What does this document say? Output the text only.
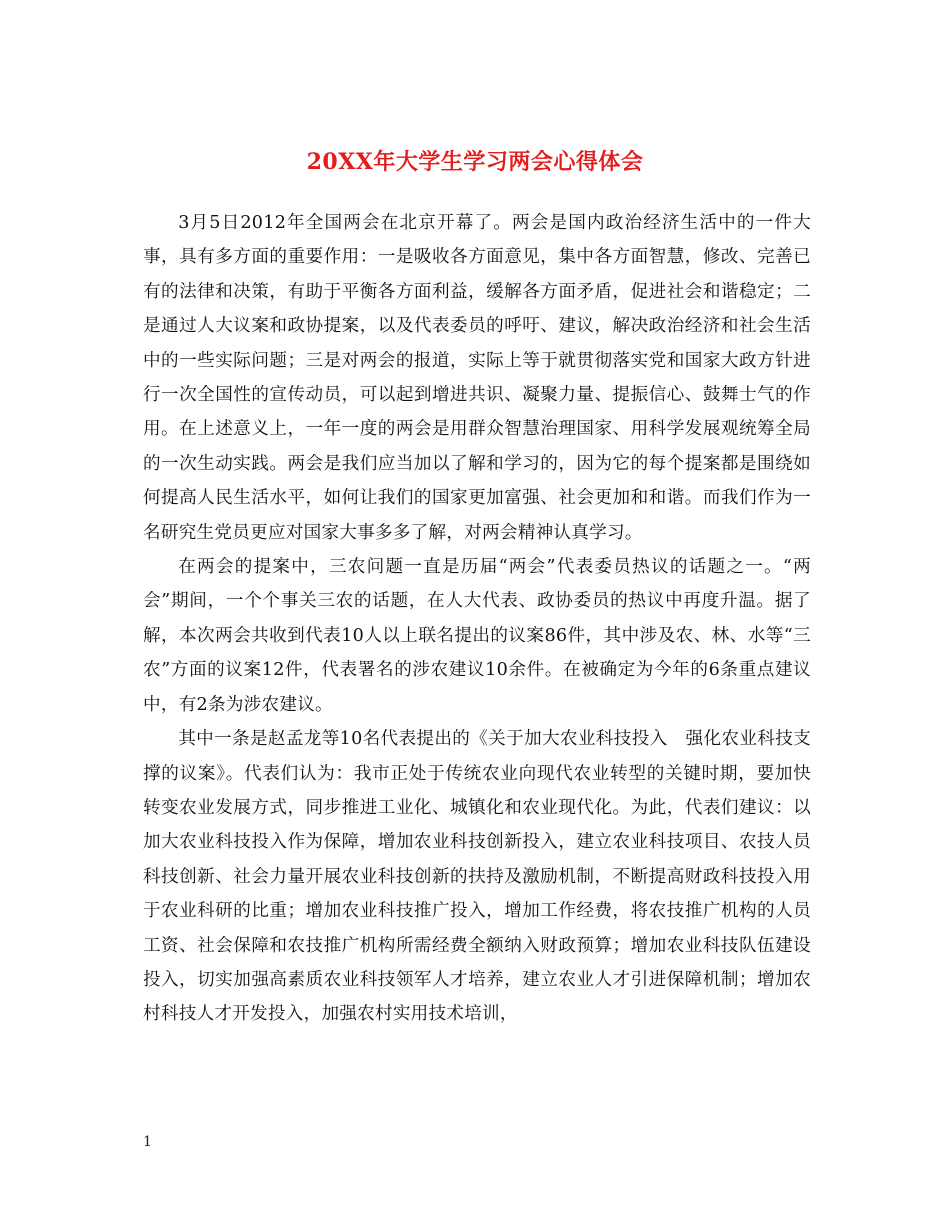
20XX年大学生学习两会心得体会

3月5日2012年全国两会在北京开幕了。两会是国内政治经济生活中的一件大事，具有多方面的重要作用：一是吸收各方面意见，集中各方面智慧，修改、完善已有的法律和决策，有助于平衡各方面利益，缓解各方面矛盾，促进社会和谐稳定；二是通过人大议案和政协提案，以及代表委员的呼吁、建议，解决政治经济和社会生活中的一些实际问题；三是对两会的报道，实际上等于就贯彻落实党和国家大政方针进行一次全国性的宣传动员，可以起到增进共识、凝聚力量、提振信心、鼓舞士气的作用。在上述意义上，一年一度的两会是用群众智慧治理国家、用科学发展观统筹全局的一次生动实践。两会是我们应当加以了解和学习的，因为它的每个提案都是围绕如何提高人民生活水平，如何让我们的国家更加富强、社会更加和和谐。而我们作为一名研究生党员更应对国家大事多多了解，对两会精神认真学习。

在两会的提案中，三农问题一直是历届“两会”代表委员热议的话题之一。“两会”期间，一个个事关三农的话题，在人大代表、政协委员的热议中再度升温。据了解，本次两会共收到代表10人以上联名提出的议案86件，其中涉及农、林、水等“三农”方面的议案12件，代表署名的涉农建议10余件。在被确定为今年的6条重点建议中，有2条为涉农建议。

其中一条是赵孟龙等10名代表提出的《关于加大农业科技投入　强化农业科技支撑的议案》。代表们认为：我市正处于传统农业向现代农业转型的关键时期，要加快转变农业发展方式，同步推进工业化、城镇化和农业现代化。为此，代表们建议：以加大农业科技投入作为保障，增加农业科技创新投入，建立农业科技项目、农技人员科技创新、社会力量开展农业科技创新的扶持及激励机制，不断提高财政科技投入用于农业科研的比重；增加农业科技推广投入，增加工作经费，将农技推广机构的人员工资、社会保障和农技推广机构所需经费全额纳入财政预算；增加农业科技队伍建设投入，切实加强高素质农业科技领军人才培养，建立农业人才引进保障机制；增加农村科技人才开发投入，加强农村实用技术培训，

1
